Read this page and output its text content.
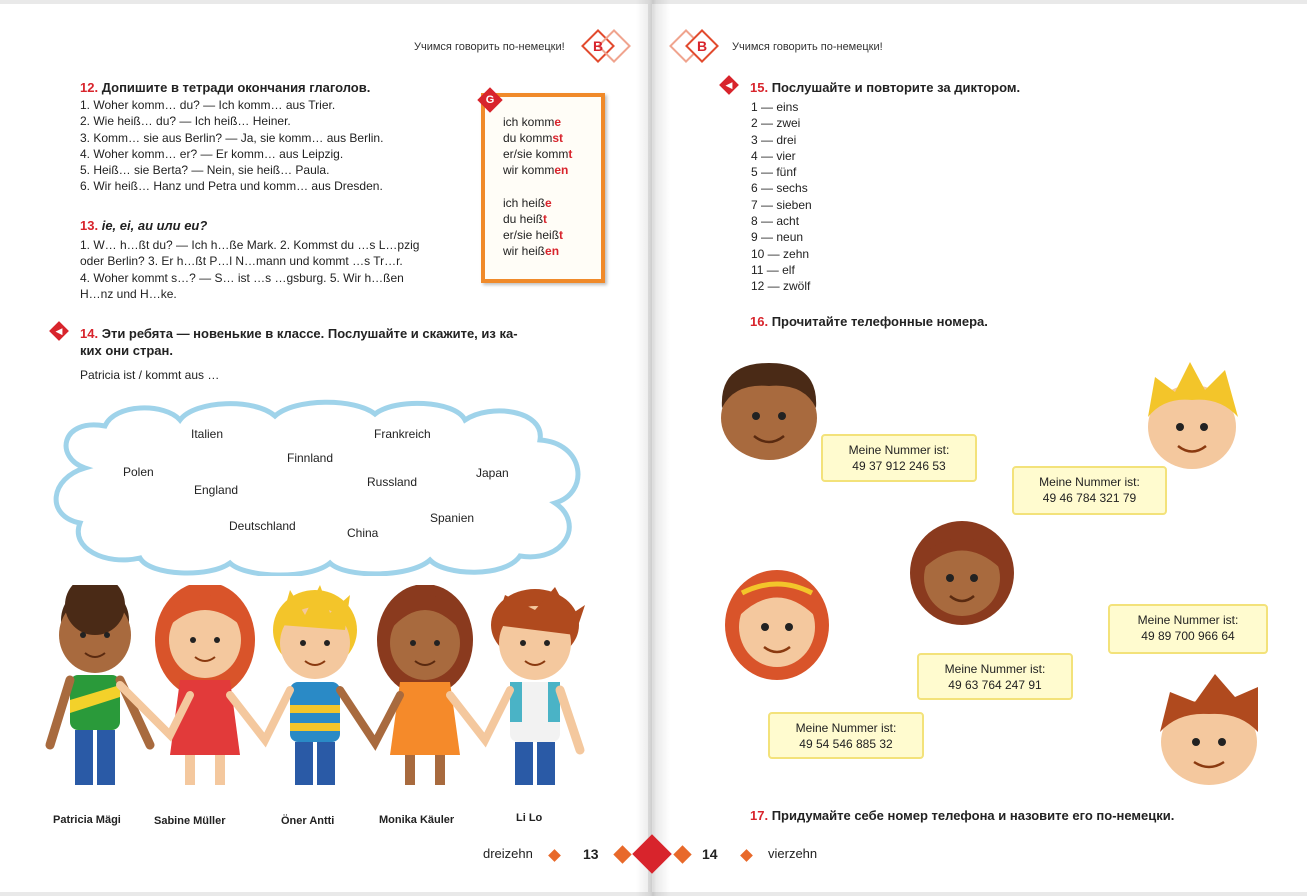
Учимся говорить по-немецки!	B
12. Допишите в тетради окончания глаголов.
1. Woher komm… du? — Ich komm… aus Trier.
2. Wie heiß… du? — Ich heiß… Heiner.
3. Komm… sie aus Berlin? — Ja, sie komm… aus Berlin.
4. Woher komm… er? — Er komm… aus Leipzig.
5. Heiß… sie Berta? — Nein, sie heiß… Paula.
6. Wir heiß… Hanz und Petra und komm… aus Dresden.
13. ie, ei, au или eu?
1. W… h…ßt du? — Ich h…ße Mark. 2. Kommst du …s L…pzig
oder Berlin? 3. Er h…ßt P…l N…mann und kommt …s Tr…r.
4. Woher kommt s…? — S… ist …s …gsburg. 5. Wir h…ßen
H…nz und H…ke.
G
ich komme
du kommst
er/sie kommt
wir kommen
ich heiße
du heißt
er/sie heißt
wir heißen
◀	14. Эти ребята — новенькие в классе. Послушайте и скажите, из ка-
ких они стран.
Patricia ist / kommt aus …
Italien	Frankreich
Finnland
Polen
England
Russland
Japan
Deutschland
Spanien
China
Patricia Mägi	Sabine Müller	Öner Antti	Monika Käuler	Li Lo
dreizehn	13	14	vierzehn
B	Учимся говорить по-немецки!
◀	15. Послушайте и повторите за диктором.
1 — eins
2 — zwei
3 — drei
4 — vier
5 — fünf
6 — sechs
7 — sieben
8 — acht
9 — neun
10 — zehn
11 — elf
12 — zwölf
16. Прочитайте телефонные номера.
Meine Nummer ist:
49 37 912 246 53
Meine Nummer ist:
49 46 784 321 79
Meine Nummer ist:
49 89 700 966 64
Meine Nummer ist:
49 63 764 247 91
Meine Nummer ist:
49 54 546 885 32
17. Придумайте себе номер телефона и назовите его по-немецки.
